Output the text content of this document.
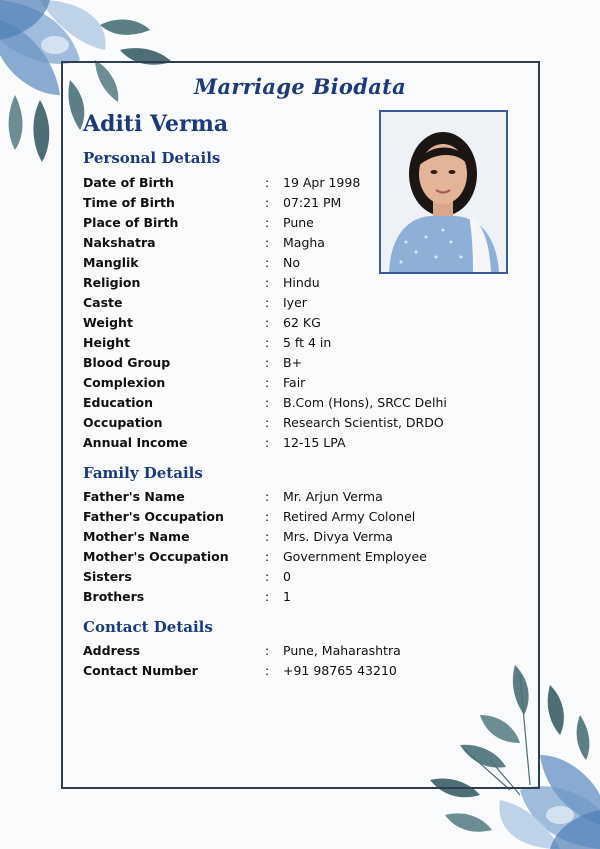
Marriage Biodata
Aditi Verma
Personal Details
Date of Birth	:	19 Apr 1998
Time of Birth	:	07:21 PM
Place of Birth	:	Pune
Nakshatra	:	Magha
Manglik	:	No
Religion	:	Hindu
Caste	:	Iyer
Weight	:	62 KG
Height	:	5 ft 4 in
Blood Group	:	B+
Complexion	:	Fair
Education	:	B.Com (Hons), SRCC Delhi
Occupation	:	Research Scientist, DRDO
Annual Income	:	12-15 LPA
Family Details
Father's Name	:	Mr. Arjun Verma
Father's Occupation	:	Retired Army Colonel
Mother's Name	:	Mrs. Divya Verma
Mother's Occupation	:	Government Employee
Sisters	:	0
Brothers	:	1
Contact Details
Address	:	Pune, Maharashtra
Contact Number	:	+91 98765 43210
